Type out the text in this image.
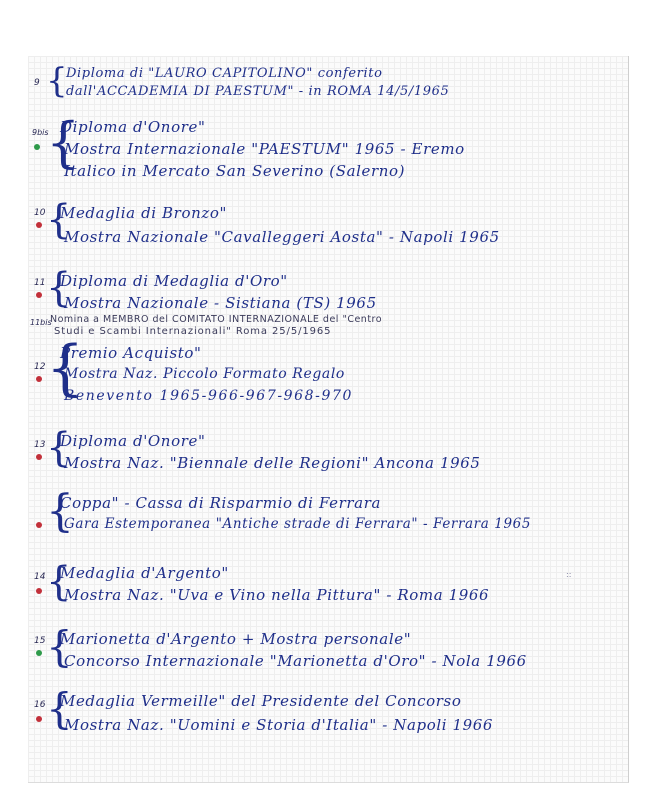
9 {
Diploma di "LAURO CAPITOLINO" conferito
dall'ACCADEMIA DI PAESTUM" - in ROMA 14/5/1965
9bis
{
Diploma d'Onore"
Mostra Internazionale "PAESTUM" 1965 - Eremo
Italico in Mercato San Severino (Salerno)
10 {
Medaglia di Bronzo"
Mostra Nazionale "Cavalleggeri Aosta" - Napoli 1965
11 {
Diploma di Medaglia d'Oro"
Mostra Nazionale - Sistiana (TS) 1965
11bis
Nomina a MEMBRO del COMITATO INTERNAZIONALE del "Centro
Studi e Scambi Internazionali" Roma 25/5/1965
12 {
Premio Acquisto"
Mostra Naz. Piccolo Formato Regalo
Benevento 1965-966-967-968-970
13 {
Diploma d'Onore"
Mostra Naz. "Biennale delle Regioni" Ancona 1965
{
Coppa" - Cassa di Risparmio di Ferrara
Gara Estemporanea "Antiche strade di Ferrara" - Ferrara 1965
14 {
Medaglia d'Argento"
Mostra Naz. "Uva e Vino nella Pittura" - Roma 1966
::
15 {
Marionetta d'Argento + Mostra personale"
Concorso Internazionale "Marionetta d'Oro" - Nola 1966
16 {
Medaglia Vermeille" del Presidente del Concorso
Mostra Naz. "Uomini e Storia d'Italia" - Napoli 1966
